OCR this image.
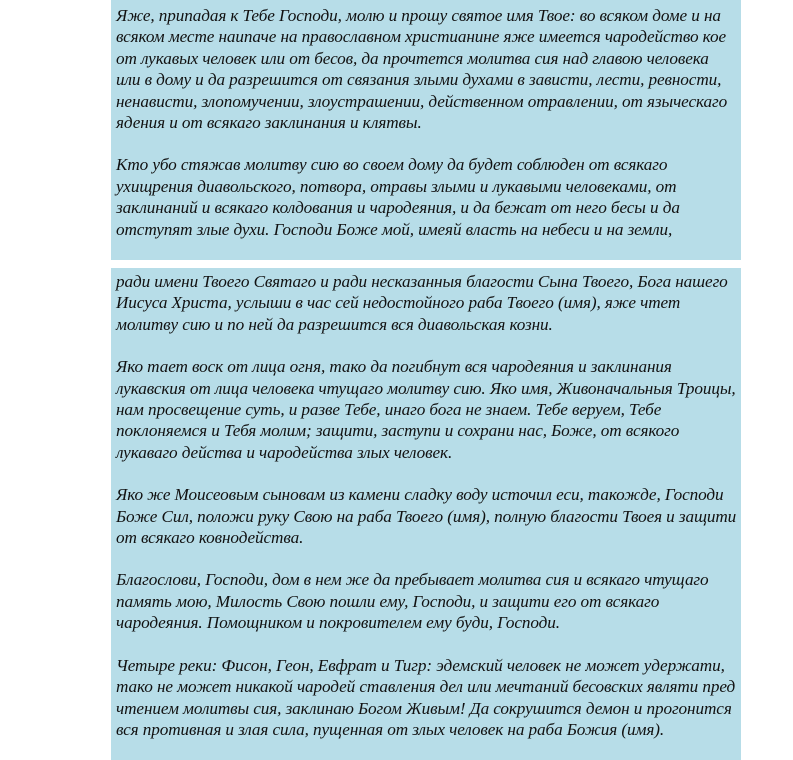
Яже, припадая к Тебе Господи, молю и прошу святое имя Твое: во всяком доме и на всяком месте наипаче на православном христианине яже имеется чародейство кое от лукавых человек или от бесов, да прочтется молитва сия над главою человека или в дому и да разрешится от связания злыми духами в зависти, лести, ревности, ненависти, злопомучении, злоустрашении, действенном отравлении, от языческаго ядения и от всякаго заклинания и клятвы.

Кто убо стяжав молитву сию во своем дому да будет соблюден от всякаго ухищрения диавольского, потвора, отравы злыми и лукавыми человеками, от заклинаний и всякаго колдования и чародеяния, и да бежат от него бесы и да отступят злые духи. Господи Боже мой, имеяй власть на небеси и на земли,

ради имени Твоего Святаго и ради несказанныя благости Сына Твоего, Бога нашего Иисуса Христа, услыши в час сей недостойного раба Твоего (имя), яже чтет молитву сию и по ней да разрешится вся диавольская козни.

Яко тает воск от лица огня, тако да погибнут вся чародеяния и заклинания лукавския от лица человека чтущаго молитву сию. Яко имя, Живоначальныя Троицы, нам просвещение суть, и разве Тебе, инаго бога не знаем. Тебе веруем, Тебе поклоняемся и Тебя молим; защити, заступи и сохрани нас, Боже, от всякого лукаваго действа и чародейства злых человек.

Яко же Моисеовым сыновам из камени сладку воду источил еси, такожде, Господи Боже Сил, положи руку Свою на раба Твоего (имя), полную благости Твоея и защити от всякаго ковнодейства.

Благослови, Господи, дом в нем же да пребывает молитва сия и всякаго чтущаго память мою, Милость Свою пошли ему, Господи, и защити его от всякаго чародеяния. Помощником и покровителем ему буди, Господи.

Четыре реки: Фисон, Геон, Евфрат и Тигр: эдемский человек не может удержати, тако не может никакой чародей ставления дел или мечтаний бесовских являти пред чтением молитвы сия, заклинаю Богом Живым! Да сокрушится демон и прогонится вся противная и злая сила, пущенная от злых человек на раба Божия (имя).
